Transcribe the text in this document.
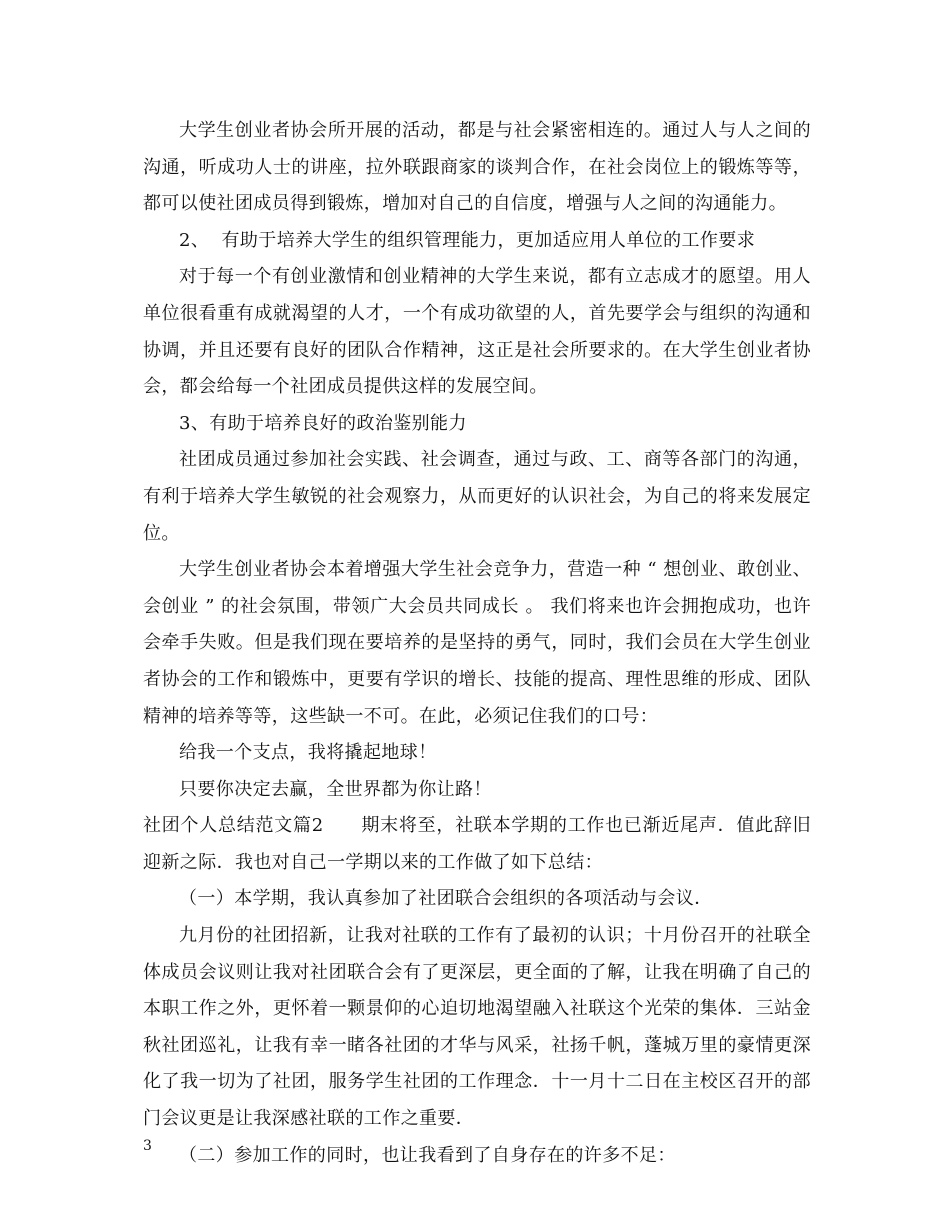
大学生创业者协会所开展的活动，都是与社会紧密相连的。通过人与人之间的沟通，听成功人士的讲座，拉外联跟商家的谈判合作，在社会岗位上的锻炼等等，都可以使社团成员得到锻炼，增加对自己的自信度，增强与人之间的沟通能力。

2、  有助于培养大学生的组织管理能力，更加适应用人单位的工作要求

对于每一个有创业激情和创业精神的大学生来说，都有立志成才的愿望。用人单位很看重有成就渴望的人才，一个有成功欲望的人，首先要学会与组织的沟通和协调，并且还要有良好的团队合作精神，这正是社会所要求的。在大学生创业者协会，都会给每一个社团成员提供这样的发展空间。

3、有助于培养良好的政治鉴别能力

社团成员通过参加社会实践、社会调查，通过与政、工、商等各部门的沟通，有利于培养大学生敏锐的社会观察力，从而更好的认识社会，为自己的将来发展定位。

大学生创业者协会本着增强大学生社会竞争力，营造一种 “ 想创业、敢创业、会创业 ” 的社会氛围，带领广大会员共同成长 。 我们将来也许会拥抱成功，也许会牵手失败。但是我们现在要培养的是坚持的勇气，同时，我们会员在大学生创业者协会的工作和锻炼中，更要有学识的增长、技能的提高、理性思维的形成、团队精神的培养等等，这些缺一不可。在此，必须记住我们的口号：

给我一个支点，我将撬起地球！

只要你决定去赢，全世界都为你让路！

社团个人总结范文篇2　　期末将至，社联本学期的工作也已渐近尾声．值此辞旧迎新之际．我也对自己一学期以来的工作做了如下总结：

（一）本学期，我认真参加了社团联合会组织的各项活动与会议．

九月份的社团招新，让我对社联的工作有了最初的认识；十月份召开的社联全体成员会议则让我对社团联合会有了更深层，更全面的了解，让我在明确了自己的本职工作之外，更怀着一颗景仰的心迫切地渴望融入社联这个光荣的集体．三站金秋社团巡礼，让我有幸一睹各社团的才华与风采，社扬千帆，蓬城万里的豪情更深化了我一切为了社团，服务学生社团的工作理念．十一月十二日在主校区召开的部门会议更是让我深感社联的工作之重要．

（二）参加工作的同时，也让我看到了自身存在的许多不足：

3
